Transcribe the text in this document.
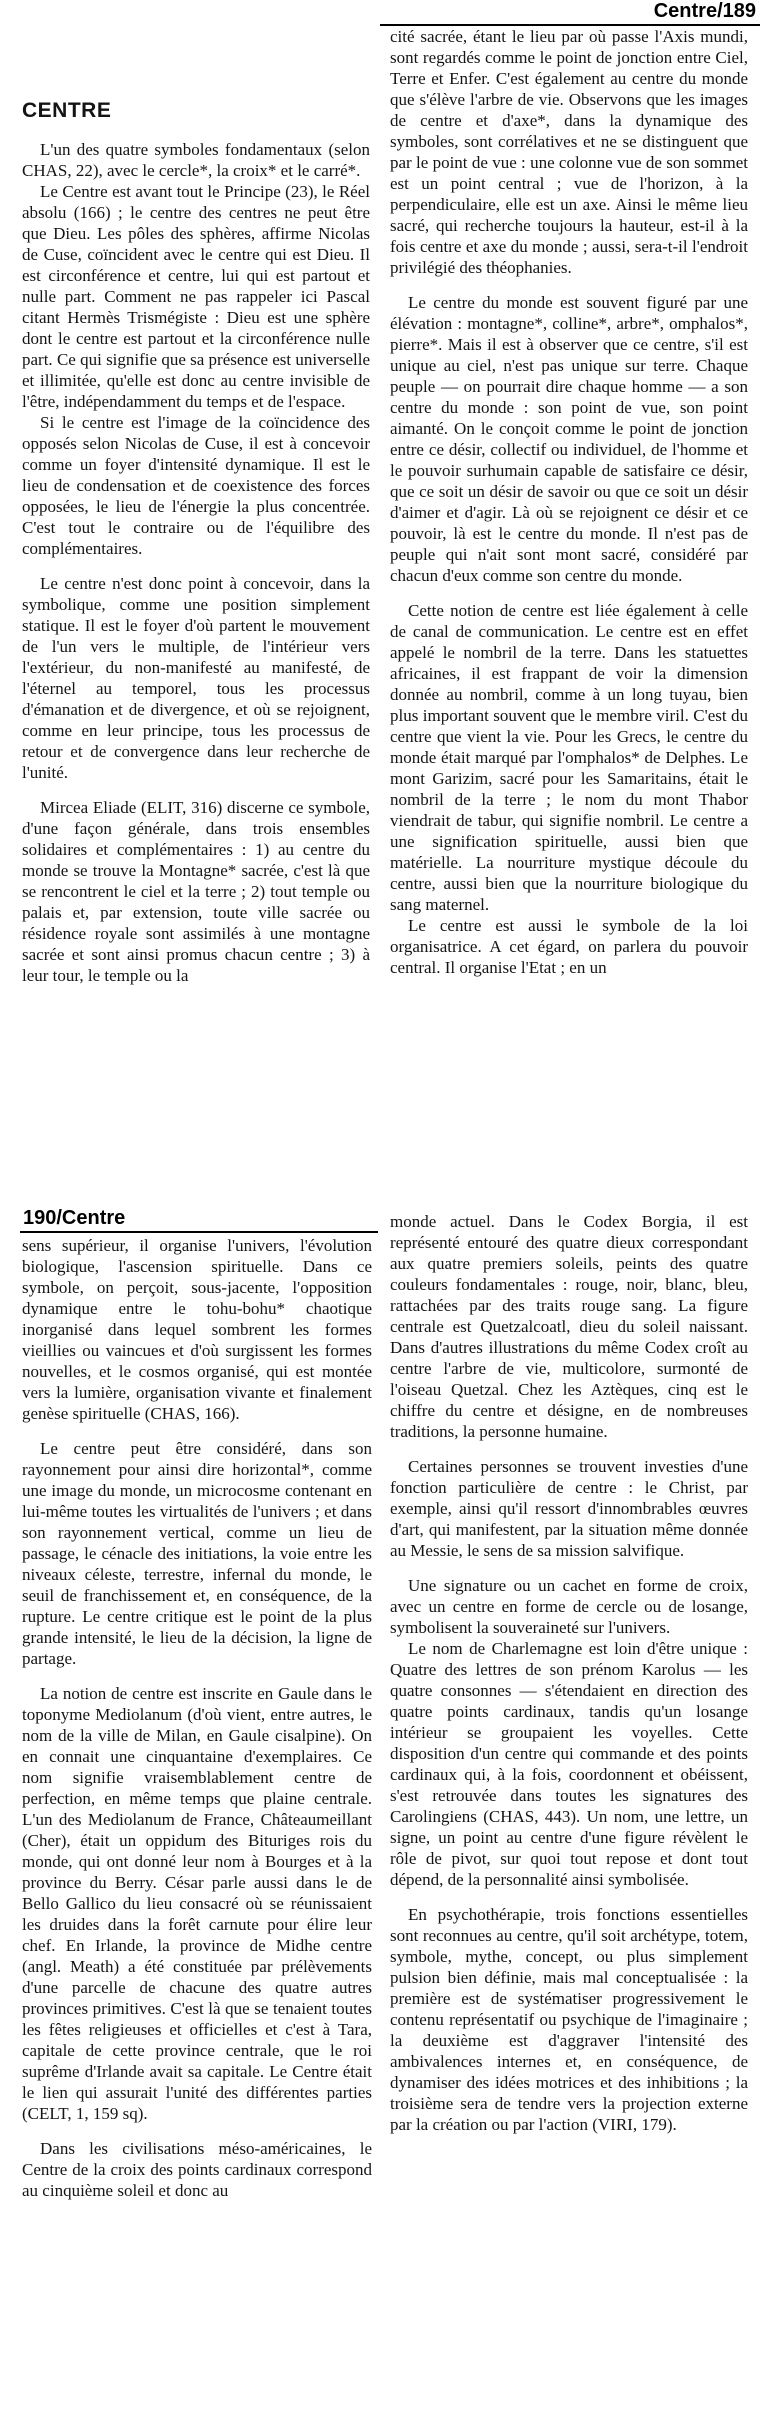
Centre/189
CENTRE

L'un des quatre symboles fondamentaux (selon CHAS, 22), avec le cercle*, la croix* et le carré*.

Le Centre est avant tout le Principe (23), le Réel absolu (166) ; le centre des centres ne peut être que Dieu. Les pôles des sphères, affirme Nicolas de Cuse, coïncident avec le centre qui est Dieu. Il est circonférence et centre, lui qui est partout et nulle part. Comment ne pas rappeler ici Pascal citant Hermès Trismégiste : Dieu est une sphère dont le centre est partout et la circonférence nulle part. Ce qui signifie que sa présence est universelle et illimitée, qu'elle est donc au centre invisible de l'être, indépendamment du temps et de l'espace.

Si le centre est l'image de la coïncidence des opposés selon Nicolas de Cuse, il est à concevoir comme un foyer d'intensité dynamique. Il est le lieu de condensation et de coexistence des forces opposées, le lieu de l'énergie la plus concentrée. C'est tout le contraire ou de l'équilibre des complémentaires.

Le centre n'est donc point à concevoir, dans la symbolique, comme une position simplement statique. Il est le foyer d'où partent le mouvement de l'un vers le multiple, de l'intérieur vers l'extérieur, du non-manifesté au manifesté, de l'éternel au temporel, tous les processus d'émanation et de divergence, et où se rejoignent, comme en leur principe, tous les processus de retour et de convergence dans leur recherche de l'unité.

Mircea Eliade (ELIT, 316) discerne ce symbole, d'une façon générale, dans trois ensembles solidaires et complémentaires : 1) au centre du monde se trouve la Montagne* sacrée, c'est là que se rencontrent le ciel et la terre ; 2) tout temple ou palais et, par extension, toute ville sacrée ou résidence royale sont assimilés à une montagne sacrée et sont ainsi promus chacun centre ; 3) à leur tour, le temple ou la

cité sacrée, étant le lieu par où passe l'Axis mundi, sont regardés comme le point de jonction entre Ciel, Terre et Enfer. C'est également au centre du monde que s'élève l'arbre de vie. Observons que les images de centre et d'axe*, dans la dynamique des symboles, sont corrélatives et ne se distinguent que par le point de vue : une colonne vue de son sommet est un point central ; vue de l'horizon, à la perpendiculaire, elle est un axe. Ainsi le même lieu sacré, qui recherche toujours la hauteur, est-il à la fois centre et axe du monde ; aussi, sera-t-il l'endroit privilégié des théophanies.

Le centre du monde est souvent figuré par une élévation : montagne*, colline*, arbre*, omphalos*, pierre*. Mais il est à observer que ce centre, s'il est unique au ciel, n'est pas unique sur terre. Chaque peuple — on pourrait dire chaque homme — a son centre du monde : son point de vue, son point aimanté. On le conçoit comme le point de jonction entre ce désir, collectif ou individuel, de l'homme et le pouvoir surhumain capable de satisfaire ce désir, que ce soit un désir de savoir ou que ce soit un désir d'aimer et d'agir. Là où se rejoignent ce désir et ce pouvoir, là est le centre du monde. Il n'est pas de peuple qui n'ait sont mont sacré, considéré par chacun d'eux comme son centre du monde.

Cette notion de centre est liée également à celle de canal de communication. Le centre est en effet appelé le nombril de la terre. Dans les statuettes africaines, il est frappant de voir la dimension donnée au nombril, comme à un long tuyau, bien plus important souvent que le membre viril. C'est du centre que vient la vie. Pour les Grecs, le centre du monde était marqué par l'omphalos* de Delphes. Le mont Garizim, sacré pour les Samaritains, était le nombril de la terre ; le nom du mont Thabor viendrait de tabur, qui signifie nombril. Le centre a une signification spirituelle, aussi bien que matérielle. La nourriture mystique découle du centre, aussi bien que la nourriture biologique du sang maternel.

Le centre est aussi le symbole de la loi organisatrice. A cet égard, on parlera du pouvoir central. Il organise l'Etat ; en un

190/Centre

sens supérieur, il organise l'univers, l'évolution biologique, l'ascension spirituelle. Dans ce symbole, on perçoit, sous-jacente, l'opposition dynamique entre le tohu-bohu* chaotique inorganisé dans lequel sombrent les formes vieillies ou vaincues et d'où surgissent les formes nouvelles, et le cosmos organisé, qui est montée vers la lumière, organisation vivante et finalement genèse spirituelle (CHAS, 166).

Le centre peut être considéré, dans son rayonnement pour ainsi dire horizontal*, comme une image du monde, un microcosme contenant en lui-même toutes les virtualités de l'univers ; et dans son rayonnement vertical, comme un lieu de passage, le cénacle des initiations, la voie entre les niveaux céleste, terrestre, infernal du monde, le seuil de franchissement et, en conséquence, de la rupture. Le centre critique est le point de la plus grande intensité, le lieu de la décision, la ligne de partage.

La notion de centre est inscrite en Gaule dans le toponyme Mediolanum (d'où vient, entre autres, le nom de la ville de Milan, en Gaule cisalpine). On en connait une cinquantaine d'exemplaires. Ce nom signifie vraisemblablement centre de perfection, en même temps que plaine centrale. L'un des Mediolanum de France, Châteaumeillant (Cher), était un oppidum des Bituriges rois du monde, qui ont donné leur nom à Bourges et à la province du Berry. César parle aussi dans le de Bello Gallico du lieu consacré où se réunissaient les druides dans la forêt carnute pour élire leur chef. En Irlande, la province de Midhe centre (angl. Meath) a été constituée par prélèvements d'une parcelle de chacune des quatre autres provinces primitives. C'est là que se tenaient toutes les fêtes religieuses et officielles et c'est à Tara, capitale de cette province centrale, que le roi suprême d'Irlande avait sa capitale. Le Centre était le lien qui assurait l'unité des différentes parties (CELT, 1, 159 sq).

Dans les civilisations méso-américaines, le Centre de la croix des points cardinaux correspond au cinquième soleil et donc au

monde actuel. Dans le Codex Borgia, il est représenté entouré des quatre dieux correspondant aux quatre premiers soleils, peints des quatre couleurs fondamentales : rouge, noir, blanc, bleu, rattachées par des traits rouge sang. La figure centrale est Quetzalcoatl, dieu du soleil naissant. Dans d'autres illustrations du même Codex croît au centre l'arbre de vie, multicolore, surmonté de l'oiseau Quetzal. Chez les Aztèques, cinq est le chiffre du centre et désigne, en de nombreuses traditions, la personne humaine.

Certaines personnes se trouvent investies d'une fonction particulière de centre : le Christ, par exemple, ainsi qu'il ressort d'innombrables œuvres d'art, qui manifestent, par la situation même donnée au Messie, le sens de sa mission salvifique.

Une signature ou un cachet en forme de croix, avec un centre en forme de cercle ou de losange, symbolisent la souveraineté sur l'univers.

Le nom de Charlemagne est loin d'être unique : Quatre des lettres de son prénom Karolus — les quatre consonnes — s'étendaient en direction des quatre points cardinaux, tandis qu'un losange intérieur se groupaient les voyelles. Cette disposition d'un centre qui commande et des points cardinaux qui, à la fois, coordonnent et obéissent, s'est retrouvée dans toutes les signatures des Carolingiens (CHAS, 443). Un nom, une lettre, un signe, un point au centre d'une figure révèlent le rôle de pivot, sur quoi tout repose et dont tout dépend, de la personnalité ainsi symbolisée.

En psychothérapie, trois fonctions essentielles sont reconnues au centre, qu'il soit archétype, totem, symbole, mythe, concept, ou plus simplement pulsion bien définie, mais mal conceptualisée : la première est de systématiser progressivement le contenu représentatif ou psychique de l'imaginaire ; la deuxième est d'aggraver l'intensité des ambivalences internes et, en conséquence, de dynamiser des idées motrices et des inhibitions ; la troisième sera de tendre vers la projection externe par la création ou par l'action (VIRI, 179).
